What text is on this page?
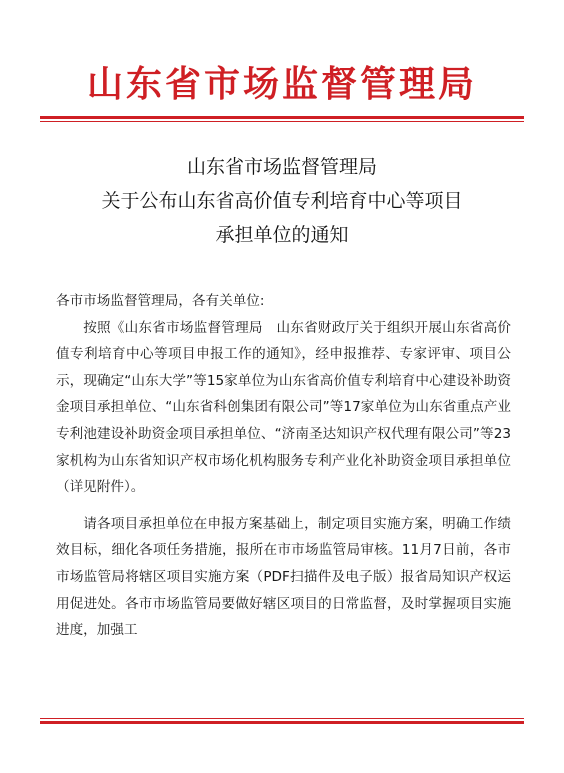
山东省市场监督管理局
山东省市场监督管理局
关于公布山东省高价值专利培育中心等项目
承担单位的通知

各市市场监督管理局，各有关单位:

按照《山东省市场监督管理局　山东省财政厅关于组织开展山东省高价值专利培育中心等项目申报工作的通知》，经申报推荐、专家评审、项目公示，现确定“山东大学”等15家单位为山东省高价值专利培育中心建设补助资金项目承担单位、“山东省科创集团有限公司”等17家单位为山东省重点产业专利池建设补助资金项目承担单位、“济南圣达知识产权代理有限公司”等23家机构为山东省知识产权市场化机构服务专利产业化补助资金项目承担单位（详见附件）。

请各项目承担单位在申报方案基础上，制定项目实施方案，明确工作绩效目标，细化各项任务措施，报所在市市场监管局审核。11月7日前，各市市场监管局将辖区项目实施方案（PDF扫描件及电子版）报省局知识产权运用促进处。各市市场监管局要做好辖区项目的日常监督，及时掌握项目实施进度，加强工
